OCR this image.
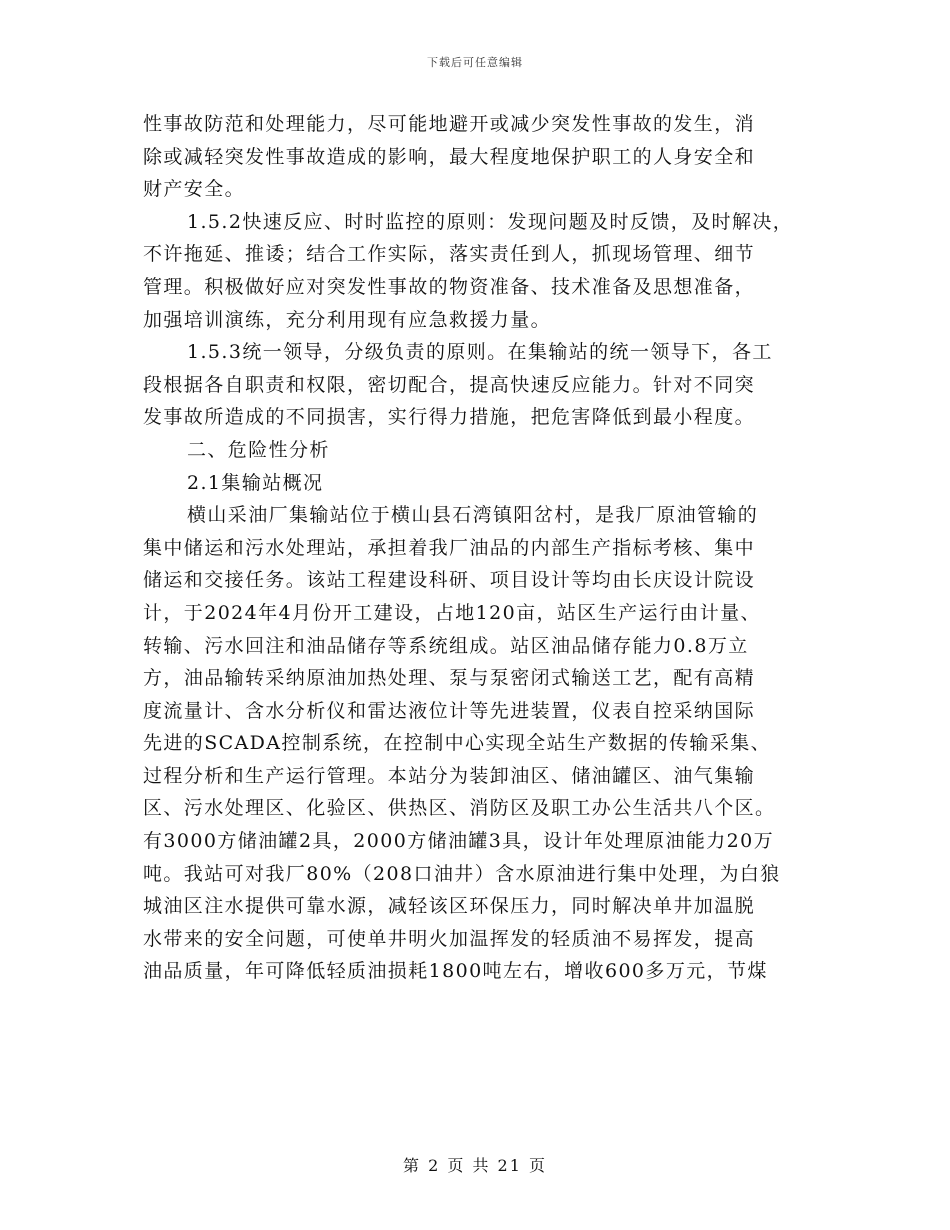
下载后可任意编辑
性事故防范和处理能力，尽可能地避开或减少突发性事故的发生，消
除或减轻突发性事故造成的影响，最大程度地保护职工的人身安全和
财产安全。
1.5.2快速反应、时时监控的原则：发现问题及时反馈，及时解决，
不许拖延、推诿；结合工作实际，落实责任到人，抓现场管理、细节
管理。积极做好应对突发性事故的物资准备、技术准备及思想准备，
加强培训演练，充分利用现有应急救援力量。
1.5.3统一领导，分级负责的原则。在集输站的统一领导下，各工
段根据各自职责和权限，密切配合，提高快速反应能力。针对不同突
发事故所造成的不同损害，实行得力措施，把危害降低到最小程度。
二、危险性分析
2.1集输站概况
横山采油厂集输站位于横山县石湾镇阳岔村，是我厂原油管输的
集中储运和污水处理站，承担着我厂油品的内部生产指标考核、集中
储运和交接任务。该站工程建设科研、项目设计等均由长庆设计院设
计，于2024年4月份开工建设，占地120亩，站区生产运行由计量、
转输、污水回注和油品储存等系统组成。站区油品储存能力0.8万立
方，油品输转采纳原油加热处理、泵与泵密闭式输送工艺，配有高精
度流量计、含水分析仪和雷达液位计等先进装置，仪表自控采纳国际
先进的SCADA控制系统，在控制中心实现全站生产数据的传输采集、
过程分析和生产运行管理。本站分为装卸油区、储油罐区、油气集输
区、污水处理区、化验区、供热区、消防区及职工办公生活共八个区。
有3000方储油罐2具，2000方储油罐3具，设计年处理原油能力20万
吨。我站可对我厂80%（208口油井）含水原油进行集中处理，为白狼
城油区注水提供可靠水源，减轻该区环保压力，同时解决单井加温脱
水带来的安全问题，可使单井明火加温挥发的轻质油不易挥发，提高
油品质量，年可降低轻质油损耗1800吨左右，增收600多万元，节煤
第 2 页 共 21 页
